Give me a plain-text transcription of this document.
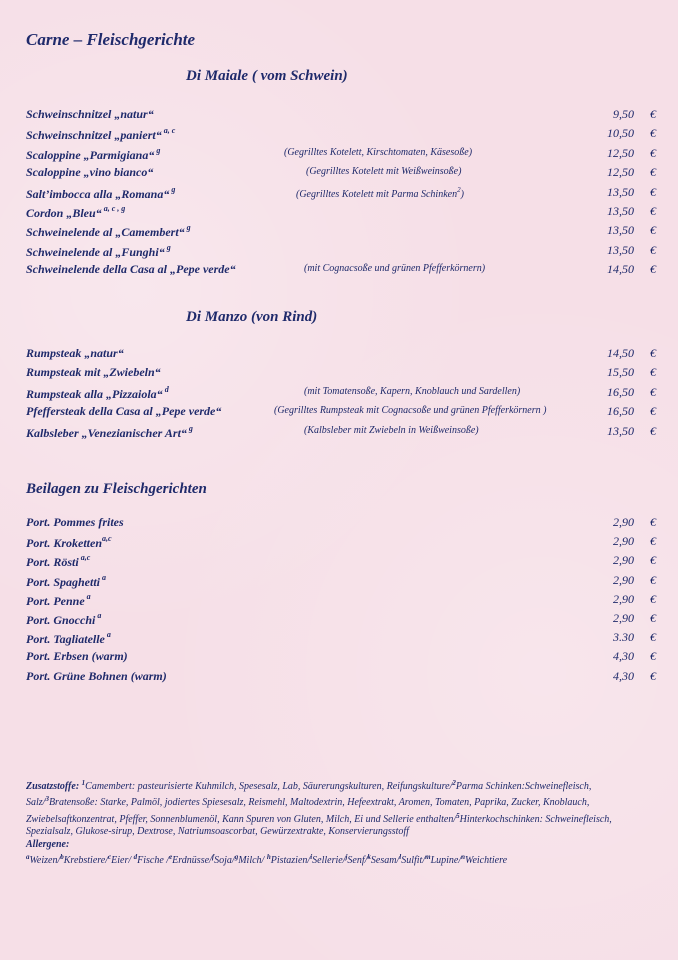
Carne – Fleischgerichte
Di Maiale ( vom Schwein)
Schweinschnitzel „natur“	9,50 €
Schweinschnitzel „paniert“ $^{a, c}$	10,50 €
Scaloppine „Parmigiana“ $^g$	(Gegrilltes Kotelett, Kirschtomaten, Käsesoße)	12,50 €
Scaloppine „vino bianco“	(Gegrilltes Kotelett mit Weißweinsoße)	12,50 €
Salt’imbocca alla „Romana“ $^g$	(Gegrilltes Kotelett mit Parma Schinken$^2$)	13,50 €
Cordon „Bleu“ $^{a, c , g}$	13,50 €
Schweinelende al „Camembert“ $^g$	13,50 €
Schweinelende al „Funghi“ $^g$	13,50 €
Schweinelende della Casa al „Pepe verde“	(mit Cognacsoße und grünen Pfefferkörnern)	14,50 €
Di Manzo (von Rind)
Rumpsteak „natur“	14,50 €
Rumpsteak mit „Zwiebeln“	15,50 €
Rumpsteak alla „Pizzaiola“ $^d$	(mit Tomatensoße, Kapern, Knoblauch und Sardellen)	16,50 €
Pfeffersteak della Casa al „Pepe verde“	(Gegrilltes Rumpsteak mit Cognacsoße und grünen Pfefferkörnern )	16,50 €
Kalbsleber „Venezianischer Art“ $^g$	(Kalbsleber mit Zwiebeln in Weißweinsoße)	13,50 €
Beilagen zu Fleischgerichten
Port. Pommes frites	2,90 €
Port. Kroketten$^{a,c}$	2,90 €
Port. Rösti $^{a,c}$	2,90 €
Port. Spaghetti $^a$	2,90 €
Port. Penne $^a$	2,90 €
Port. Gnocchi $^a$	2,90 €
Port. Tagliatelle $^a$	3.30 €
Port. Erbsen (warm)	4,30 €
Port. Grüne Bohnen (warm)	4,30 €
Zusatzstoffe: $^1$Camembert: pasteurisierte Kuhmilch, Spesesalz, Lab, Säurerungskulturen, Reifungskulture/$^2$Parma Schinken:Schweinefleisch, Salz/$^3$Bratensoße: Starke, Palmöl, jodiertes Spiesesalz, Reismehl, Maltodextrin, Hefeextrakt, Aromen, Tomaten, Paprika, Zucker, Knoblauch, Zwiebelsaftkonzentrat, Pfeffer, Sonnenblumenöl, Kann Spuren von Gluten, Milch, Ei und Sellerie enthalten/$^5$Hinterkochschinken: Schweinefleisch, Spezialsalz, Glukose-sirup, Dextrose, Natriumsoascorbat, Gewürzextrakte, Konservierungsstoff
Allergene:
$^a$Weizen/$^b$Krebstiere/$^c$Eier/ $^d$Fische /$^e$Erdnüsse/$^f$Soja/$^g$Milch/ $^h$Pistazien/$^i$Sellerie/$^j$Senf/$^k$Sesam/$^l$Sulfit/$^m$Lupine/$^n$Weichtiere
